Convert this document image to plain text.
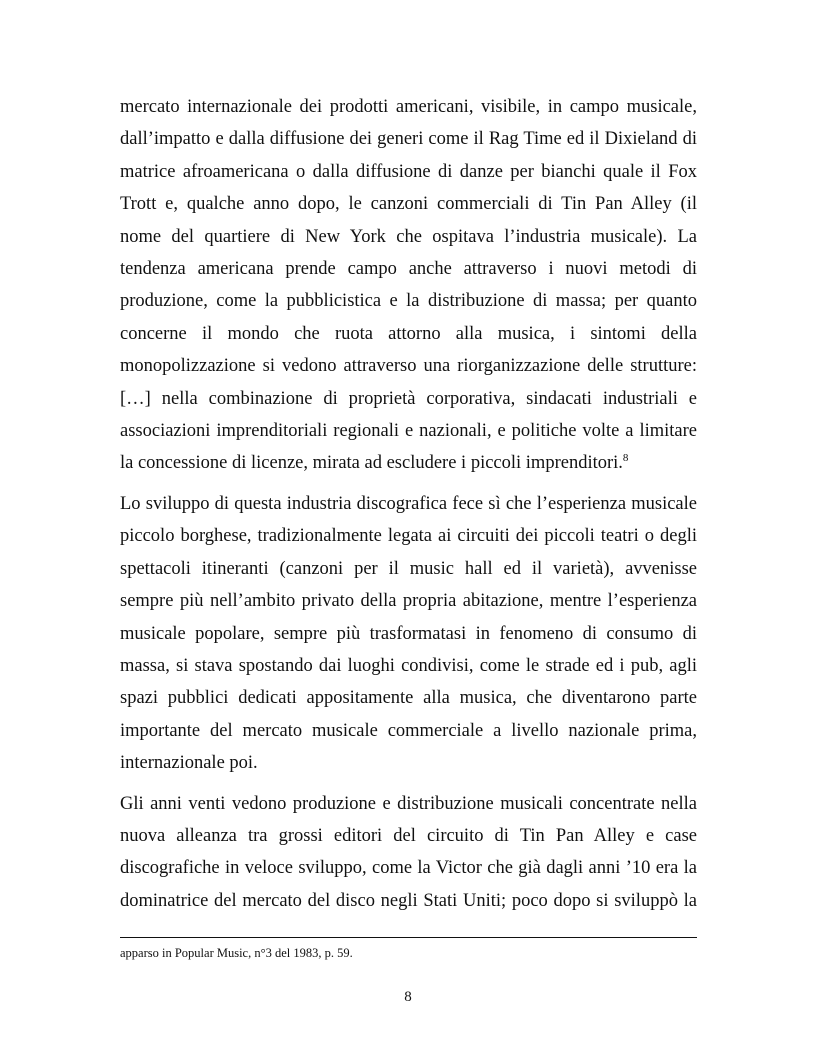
mercato internazionale dei prodotti americani, visibile, in campo musicale,
dall’impatto e dalla diffusione dei generi come il Rag Time ed il Dixieland di
matrice afroamericana o dalla diffusione di danze per bianchi quale il Fox
Trott e, qualche anno dopo, le canzoni commerciali di Tin Pan Alley (il
nome del quartiere di New York che ospitava l’industria musicale). La
tendenza americana prende campo anche attraverso i nuovi metodi di
produzione, come la pubblicistica e la distribuzione di massa; per quanto
concerne il mondo che ruota attorno alla musica, i sintomi della
monopolizzazione si vedono attraverso una riorganizzazione delle strutture:
[…] nella combinazione di proprietà corporativa, sindacati industriali e
associazioni imprenditoriali regionali e nazionali, e politiche volte a limitare
la concessione di licenze, mirata ad escludere i piccoli imprenditori.$^8$

Lo sviluppo di questa industria discografica fece sì che l’esperienza musicale
piccolo borghese, tradizionalmente legata ai circuiti dei piccoli teatri o degli
spettacoli itineranti (canzoni per il music hall ed il varietà), avvenisse
sempre più nell’ambito privato della propria abitazione, mentre l’esperienza
musicale popolare, sempre più trasformatasi in fenomeno di consumo di
massa, si stava spostando dai luoghi condivisi, come le strade ed i pub, agli
spazi pubblici dedicati appositamente alla musica, che diventarono parte
importante del mercato musicale commerciale a livello nazionale prima,
internazionale poi.

Gli anni venti vedono produzione e distribuzione musicali concentrate nella
nuova alleanza tra grossi editori del circuito di Tin Pan Alley e case
discografiche in veloce sviluppo, come la Victor che già dagli anni ’10 era la
dominatrice del mercato del disco negli Stati Uniti; poco dopo si sviluppò la

apparso in Popular Music, n°3 del 1983, p. 59.
8
